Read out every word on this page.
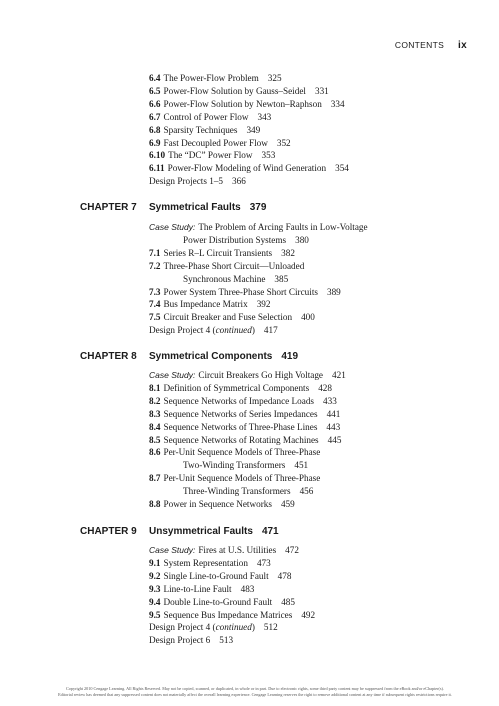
CONTENTS ix
6.4 The Power-Flow Problem 325
6.5 Power-Flow Solution by Gauss–Seidel 331
6.6 Power-Flow Solution by Newton–Raphson 334
6.7 Control of Power Flow 343
6.8 Sparsity Techniques 349
6.9 Fast Decoupled Power Flow 352
6.10 The “DC” Power Flow 353
6.11 Power-Flow Modeling of Wind Generation 354
Design Projects 1–5 366
CHAPTER 7 Symmetrical Faults 379
Case Study: The Problem of Arcing Faults in Low-Voltage
Power Distribution Systems 380
7.1 Series R–L Circuit Transients 382
7.2 Three-Phase Short Circuit—Unloaded
Synchronous Machine 385
7.3 Power System Three-Phase Short Circuits 389
7.4 Bus Impedance Matrix 392
7.5 Circuit Breaker and Fuse Selection 400
Design Project 4 (continued) 417
CHAPTER 8 Symmetrical Components 419
Case Study: Circuit Breakers Go High Voltage 421
8.1 Definition of Symmetrical Components 428
8.2 Sequence Networks of Impedance Loads 433
8.3 Sequence Networks of Series Impedances 441
8.4 Sequence Networks of Three-Phase Lines 443
8.5 Sequence Networks of Rotating Machines 445
8.6 Per-Unit Sequence Models of Three-Phase
Two-Winding Transformers 451
8.7 Per-Unit Sequence Models of Three-Phase
Three-Winding Transformers 456
8.8 Power in Sequence Networks 459
CHAPTER 9 Unsymmetrical Faults 471
Case Study: Fires at U.S. Utilities 472
9.1 System Representation 473
9.2 Single Line-to-Ground Fault 478
9.3 Line-to-Line Fault 483
9.4 Double Line-to-Ground Fault 485
9.5 Sequence Bus Impedance Matrices 492
Design Project 4 (continued) 512
Design Project 6 513
Copyright 2010 Cengage Learning. All Rights Reserved. May not be copied, scanned, or duplicated, in whole or in part. Due to electronic rights, some third party content may be suppressed from the eBook and/or eChapter(s).
Editorial review has deemed that any suppressed content does not materially affect the overall learning experience. Cengage Learning reserves the right to remove additional content at any time if subsequent rights restrictions require it.
